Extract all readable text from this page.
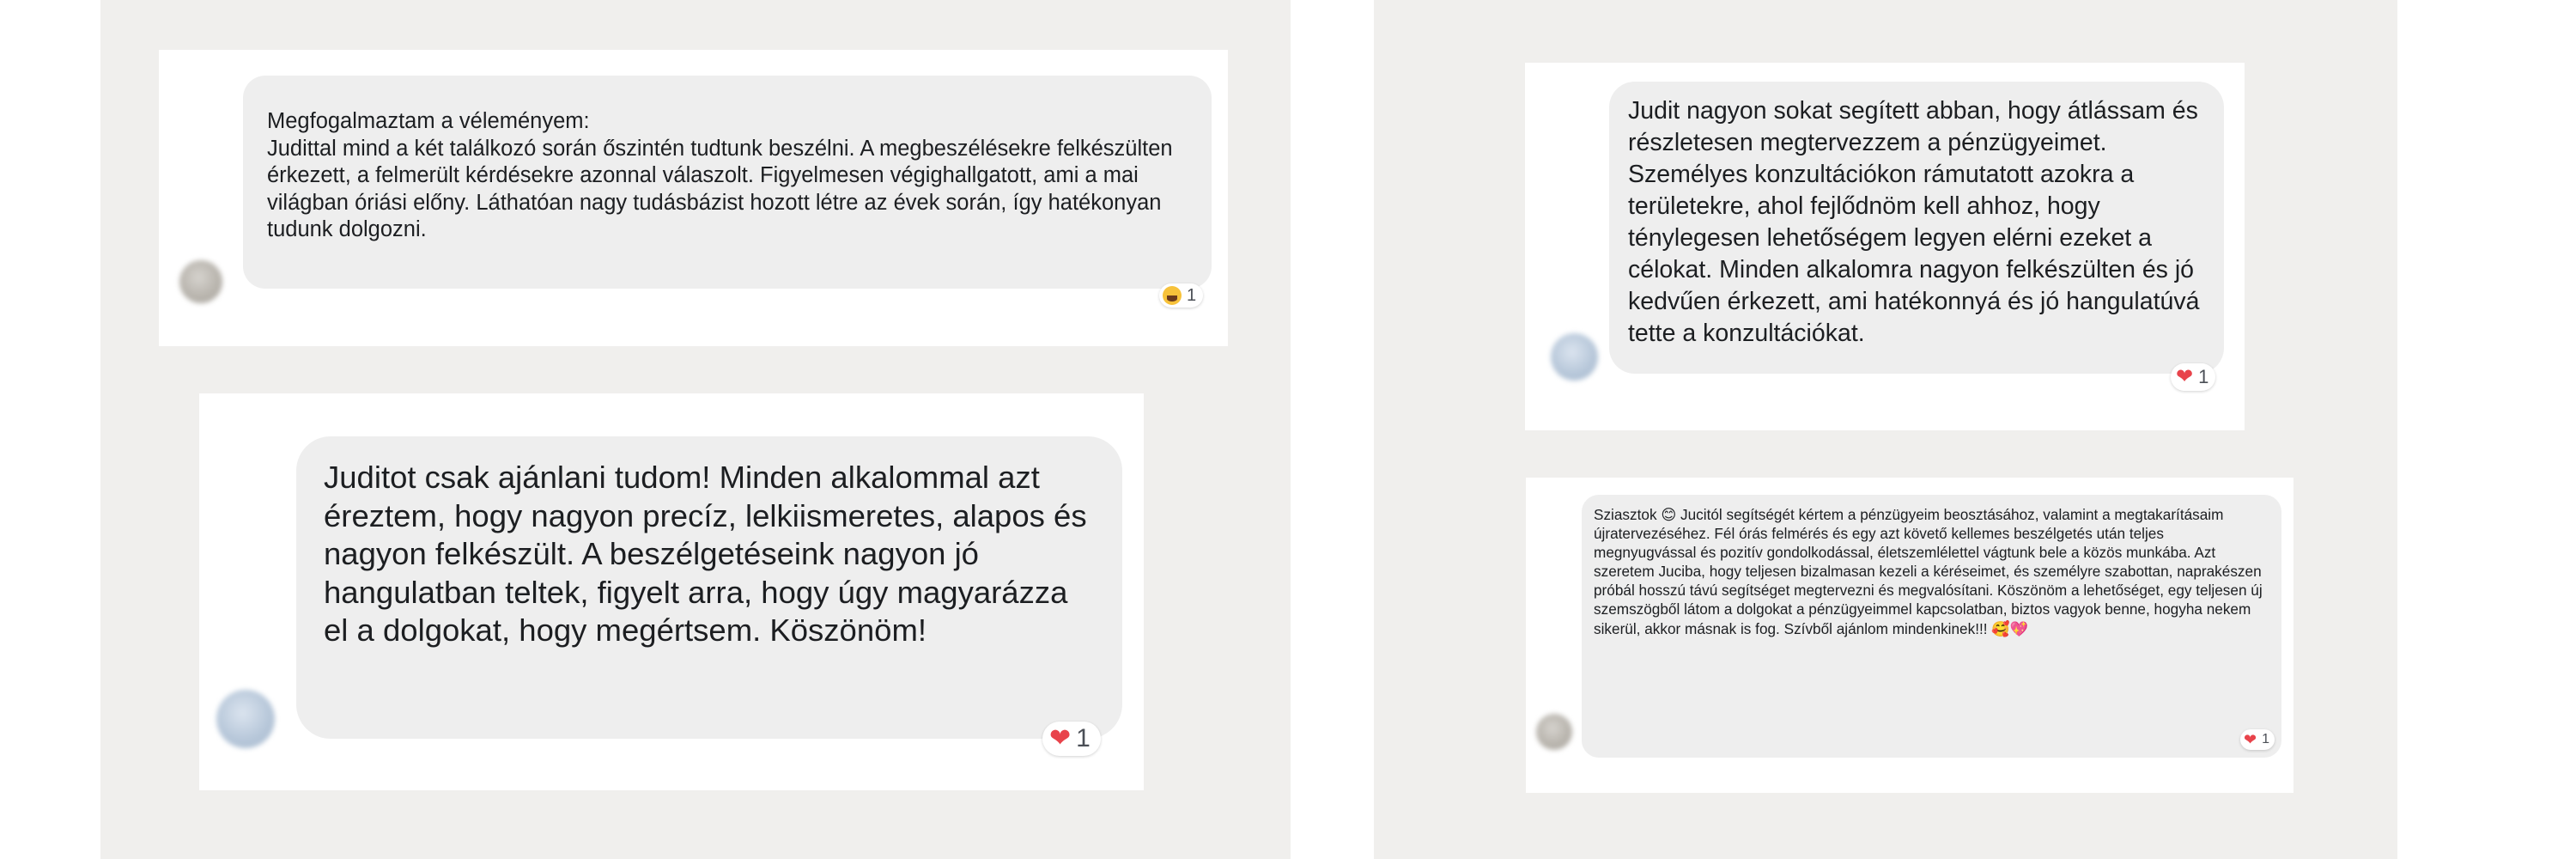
Megfogalmaztam a véleményem:
Judittal mind a két találkozó során őszintén tudtunk beszélni. A megbeszélésekre felkészülten érkezett, a felmerült kérdésekre azonnal válaszolt. Figyelmesen végighallgatott, ami a mai világban óriási előny. Láthatóan nagy tudásbázist hozott létre az évek során, így hatékonyan tudunk dolgozni.

1

Juditot csak ajánlani tudom! Minden alkalommal azt éreztem, hogy nagyon precíz, lelkiismeretes, alapos és nagyon felkészült. A beszélgetéseink nagyon jó hangulatban teltek, figyelt arra, hogy úgy magyarázza el a dolgokat, hogy megértsem. Köszönöm!

❤ 1

Judit nagyon sokat segített abban, hogy átlássam és részletesen megtervezzem a pénzügyeimet. Személyes konzultációkon rámutatott azokra a területekre, ahol fejlődnöm kell ahhoz, hogy ténylegesen lehetőségem legyen elérni ezeket a célokat. Minden alkalomra nagyon felkészülten és jó kedvűen érkezett, ami hatékonnyá és jó hangulatúvá tette a konzultációkat.

❤ 1

Sziasztok 😊 Jucitól segítségét kértem a pénzügyeim beosztásához, valamint a megtakarításaim újratervezéséhez. Fél órás felmérés és egy azt követő kellemes beszélgetés után teljes megnyugvással és pozitív gondolkodással, életszemlélettel vágtunk bele a közös munkába. Azt szeretem Juciba, hogy teljesen bizalmasan kezeli a kéréseimet, és személyre szabottan, naprakészen próbál hosszú távú segítséget megtervezni és megvalósítani. Köszönöm a lehetőséget, egy teljesen új szemszögből látom a dolgokat a pénzügyeimmel kapcsolatban, biztos vagyok benne, hogyha nekem sikerül, akkor másnak is fog. Szívből ajánlom mindenkinek!!! 🥰💖

❤ 1
